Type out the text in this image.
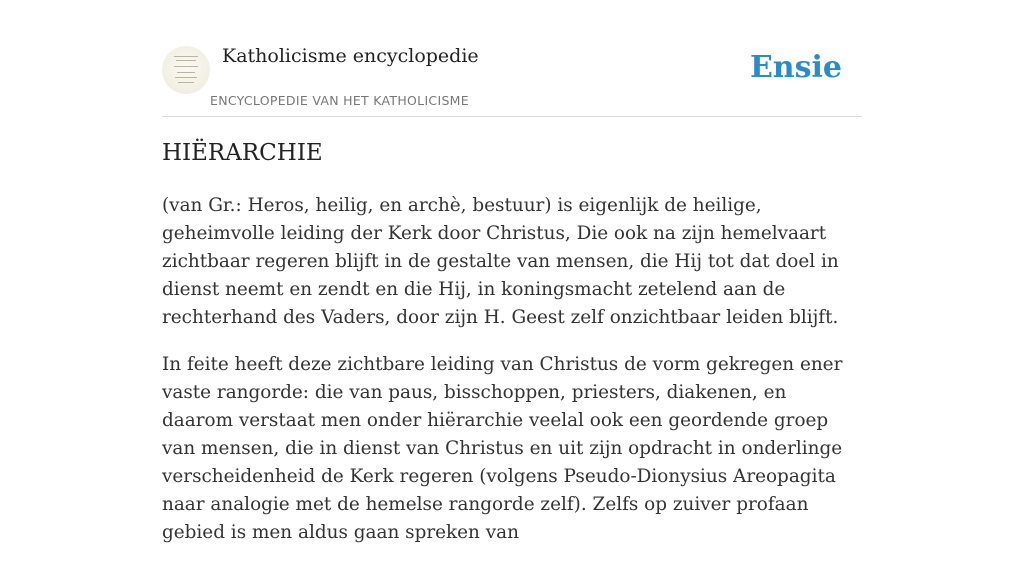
Katholicisme encyclopedie
ENCYCLOPEDIE VAN HET KATHOLICISME
Ensie
HIËRARCHIE

(van Gr.: Heros, heilig, en archè, bestuur) is eigenlijk de heilige, geheimvolle leiding der Kerk door Christus, Die ook na zijn hemelvaart zichtbaar regeren blijft in de gestalte van mensen, die Hij tot dat doel in dienst neemt en zendt en die Hij, in koningsmacht zetelend aan de rechterhand des Vaders, door zijn H. Geest zelf onzichtbaar leiden blijft.

In feite heeft deze zichtbare leiding van Christus de vorm gekregen ener vaste rangorde: die van paus, bisschoppen, priesters, diakenen, en daarom verstaat men onder hiërarchie veelal ook een geordende groep van mensen, die in dienst van Christus en uit zijn opdracht in onderlinge verscheidenheid de Kerk regeren (volgens Pseudo-Dionysius Areopagita naar analogie met de hemelse rangorde zelf). Zelfs op zuiver profaan gebied is men aldus gaan spreken van
